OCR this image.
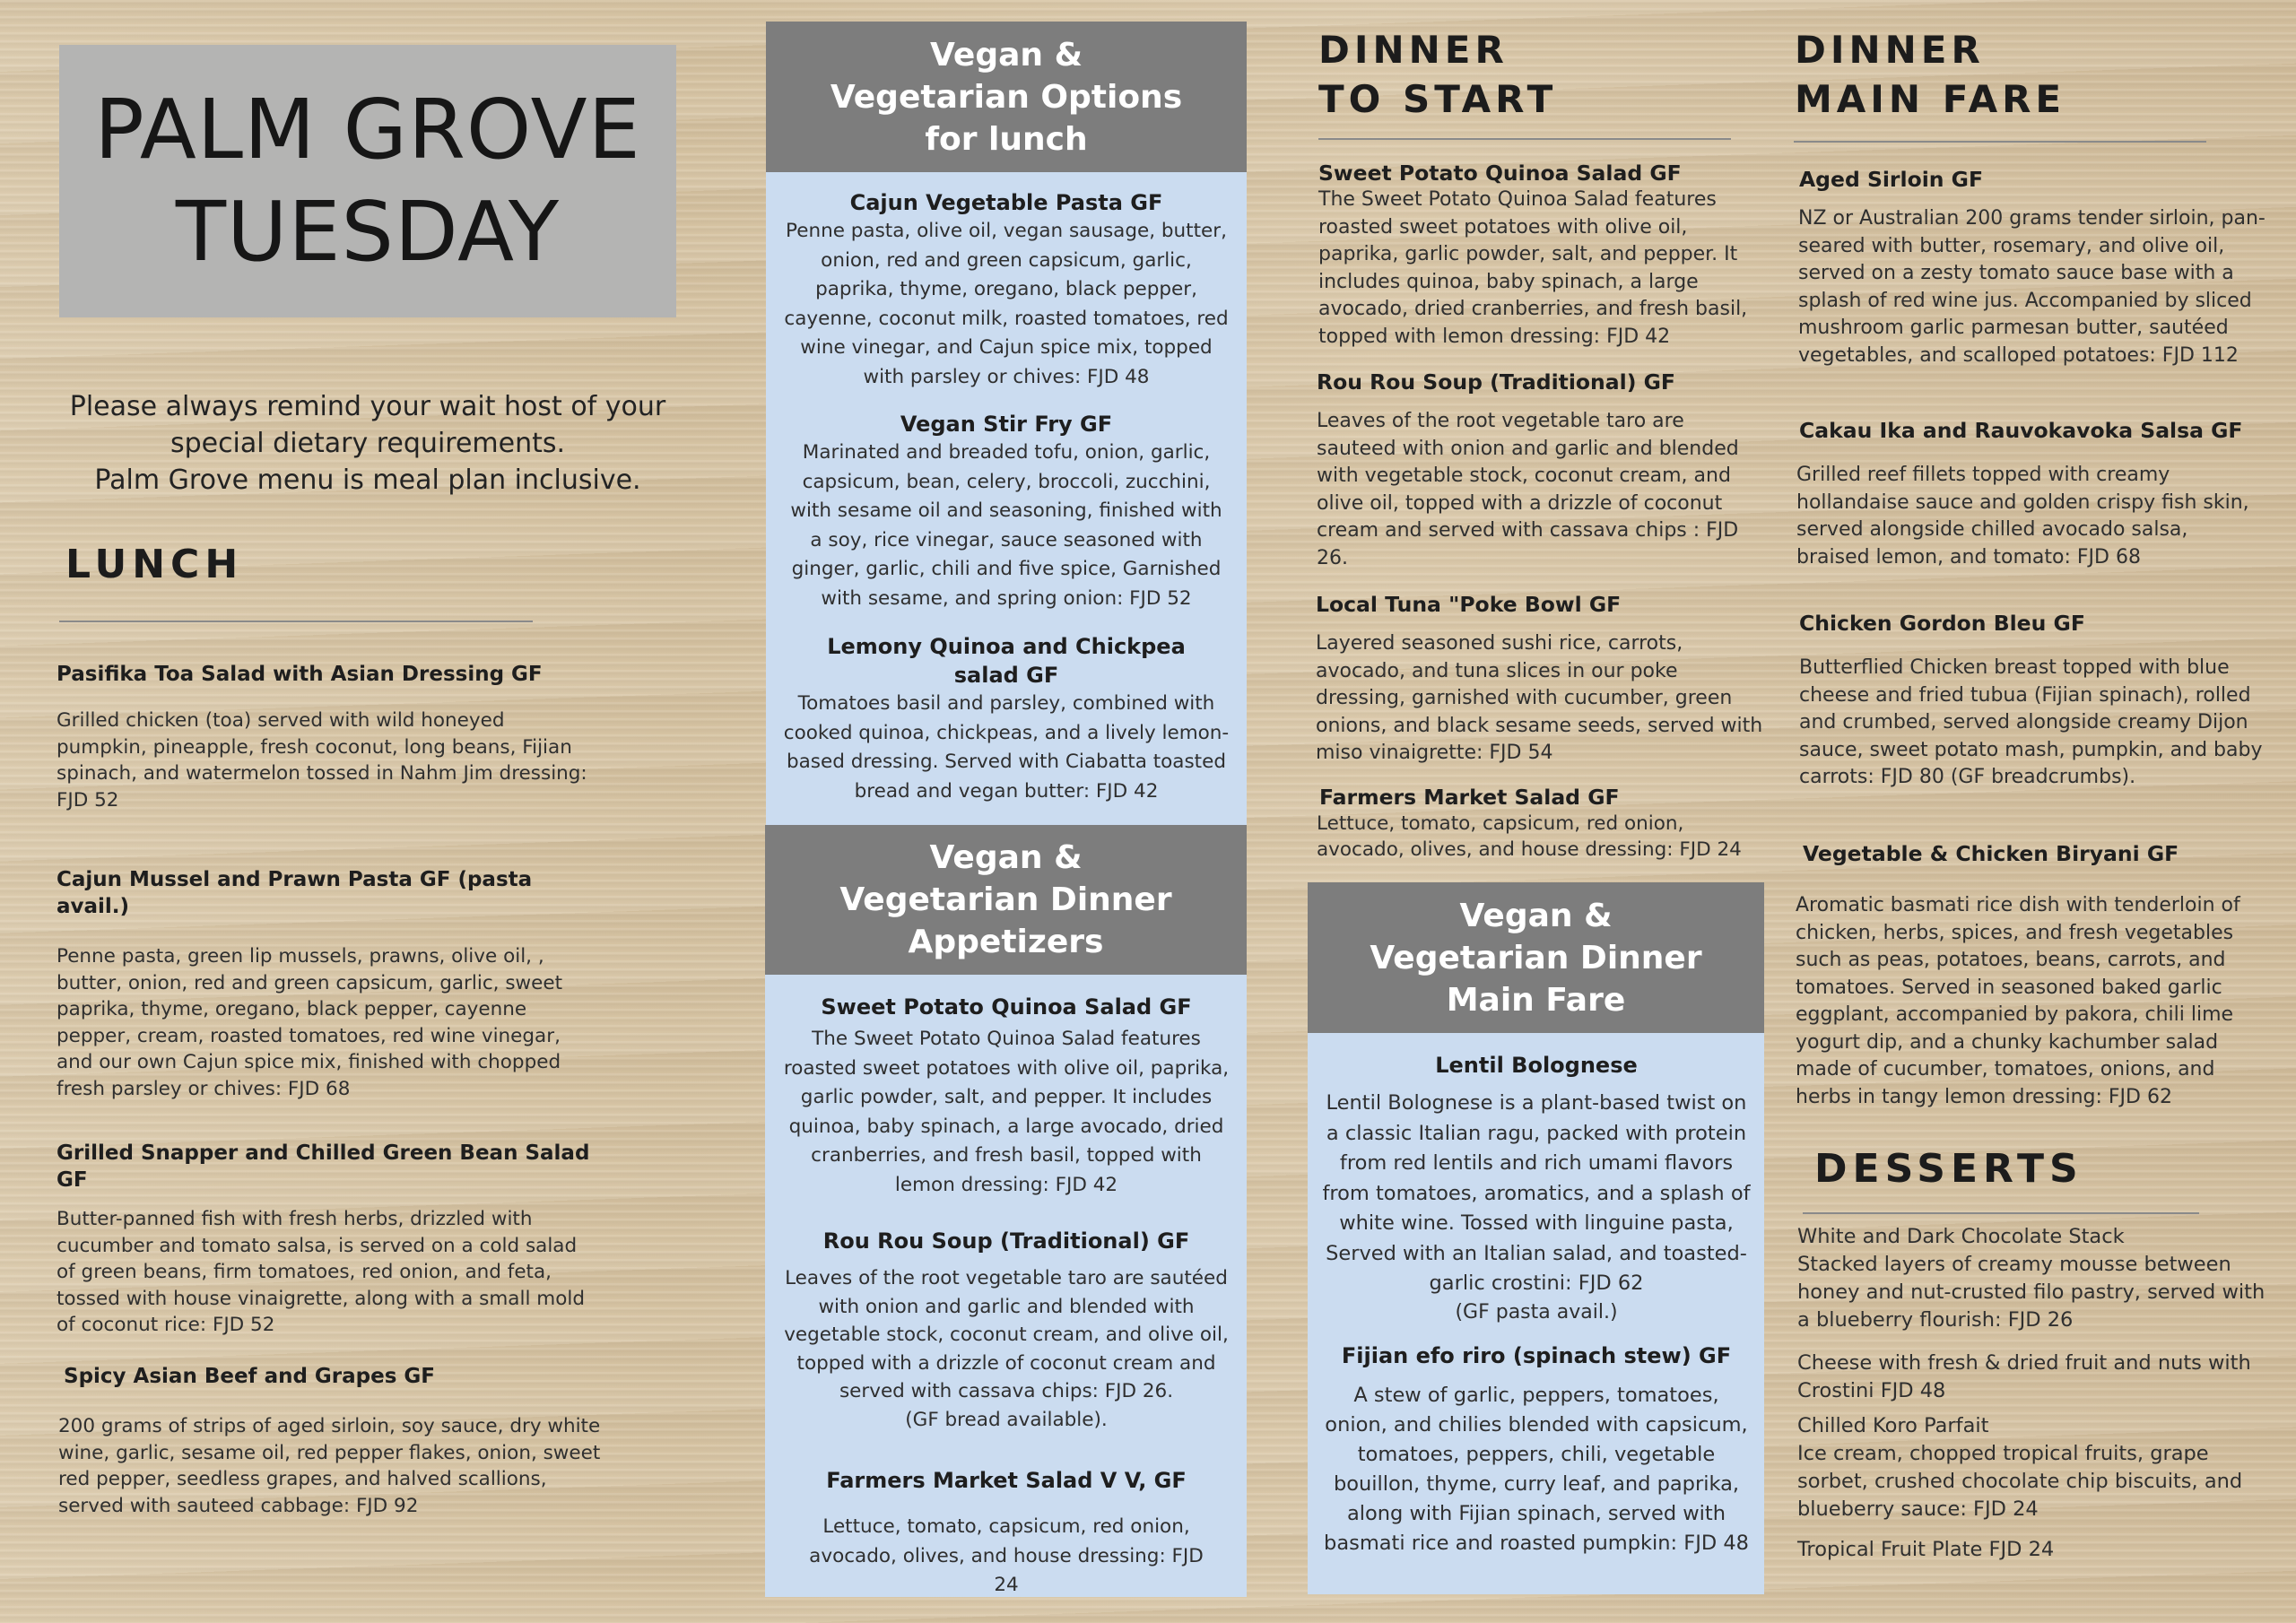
PALM GROVE
TUESDAY
Please always remind your wait host of your
special dietary requirements.
Palm Grove menu is meal plan inclusive.
LUNCH
Pasifika Toa Salad with Asian Dressing GF
Grilled chicken (toa) served with wild honeyed pumpkin, pineapple, fresh coconut, long beans, Fijian spinach, and watermelon tossed in Nahm Jim dressing: FJD 52
Cajun Mussel and Prawn Pasta GF (pasta avail.)
Penne pasta, green lip mussels, prawns, olive oil, , butter, onion, red and green capsicum, garlic, sweet paprika, thyme, oregano, black pepper, cayenne pepper, cream, roasted tomatoes, red wine vinegar, and our own Cajun spice mix, finished with chopped fresh parsley or chives: FJD 68
Grilled Snapper and Chilled Green Bean Salad GF
Butter-panned fish with fresh herbs, drizzled with cucumber and tomato salsa, is served on a cold salad of green beans, firm tomatoes, red onion, and feta, tossed with house vinaigrette, along with a small mold of coconut rice: FJD 52
Spicy Asian Beef and Grapes GF
200 grams of strips of aged sirloin, soy sauce, dry white wine, garlic, sesame oil, red pepper flakes, onion, sweet red pepper, seedless grapes, and halved scallions, served with sauteed cabbage: FJD 92
Vegan & Vegetarian Options for lunch
Cajun Vegetable Pasta GF
Penne pasta, olive oil, vegan sausage, butter, onion, red and green capsicum, garlic, paprika, thyme, oregano, black pepper, cayenne, coconut milk, roasted tomatoes, red wine vinegar, and Cajun spice mix, topped with parsley or chives: FJD 48
Vegan Stir Fry GF
Marinated and breaded tofu, onion, garlic, capsicum, bean, celery, broccoli, zucchini, with sesame oil and seasoning, finished with a soy, rice vinegar, sauce seasoned with ginger, garlic, chili and five spice, Garnished with sesame, and spring onion: FJD 52
Lemony Quinoa and Chickpea salad GF
Tomatoes basil and parsley, combined with cooked quinoa, chickpeas, and a lively lemon-based dressing. Served with Ciabatta toasted bread and vegan butter: FJD 42
Vegan & Vegetarian Dinner Appetizers
Sweet Potato Quinoa Salad GF
The Sweet Potato Quinoa Salad features roasted sweet potatoes with olive oil, paprika, garlic powder, salt, and pepper. It includes quinoa, baby spinach, a large avocado, dried cranberries, and fresh basil, topped with lemon dressing: FJD 42
Rou Rou Soup (Traditional) GF
Leaves of the root vegetable taro are sautéed with onion and garlic and blended with vegetable stock, coconut cream, and olive oil, topped with a drizzle of coconut cream and served with cassava chips: FJD 26.
(GF bread available).
Farmers Market Salad V V, GF
Lettuce, tomato, capsicum, red onion, avocado, olives, and house dressing: FJD 24
DINNER
TO START
Sweet Potato Quinoa Salad GF
The Sweet Potato Quinoa Salad features roasted sweet potatoes with olive oil, paprika, garlic powder, salt, and pepper. It includes quinoa, baby spinach, a large avocado, dried cranberries, and fresh basil, topped with lemon dressing: FJD 42
Rou Rou Soup (Traditional) GF
Leaves of the root vegetable taro are sauteed with onion and garlic and blended with vegetable stock, coconut cream, and olive oil, topped with a drizzle of coconut cream and served with cassava chips : FJD 26.
Local Tuna "Poke Bowl GF
Layered seasoned sushi rice, carrots, avocado, and tuna slices in our poke dressing, garnished with cucumber, green onions, and black sesame seeds, served with miso vinaigrette: FJD 54
Farmers Market Salad GF
Lettuce, tomato, capsicum, red onion, avocado, olives, and house dressing: FJD 24
Vegan & Vegetarian Dinner Main Fare
Lentil Bolognese
Lentil Bolognese is a plant-based twist on a classic Italian ragu, packed with protein from red lentils and rich umami flavors from tomatoes, aromatics, and a splash of white wine. Tossed with linguine pasta, Served with an Italian salad, and toasted-garlic crostini: FJD 62
(GF pasta avail.)
Fijian efo riro (spinach stew) GF
A stew of garlic, peppers, tomatoes, onion, and chilies blended with capsicum, tomatoes, peppers, chili, vegetable bouillon, thyme, curry leaf, and paprika, along with Fijian spinach, served with basmati rice and roasted pumpkin: FJD 48
DINNER
MAIN FARE
Aged Sirloin GF
NZ or Australian 200 grams tender sirloin, pan-seared with butter, rosemary, and olive oil, served on a zesty tomato sauce base with a splash of red wine jus. Accompanied by sliced mushroom garlic parmesan butter, sautéed vegetables, and scalloped potatoes: FJD 112
Cakau Ika and Rauvokavoka Salsa GF
Grilled reef fillets topped with creamy hollandaise sauce and golden crispy fish skin, served alongside chilled avocado salsa, braised lemon, and tomato: FJD 68
Chicken Gordon Bleu GF
Butterflied Chicken breast topped with blue cheese and fried tubua (Fijian spinach), rolled and crumbed, served alongside creamy Dijon sauce, sweet potato mash, pumpkin, and baby carrots: FJD 80 (GF breadcrumbs).
Vegetable & Chicken Biryani GF
Aromatic basmati rice dish with tenderloin of chicken, herbs, spices, and fresh vegetables such as peas, potatoes, beans, carrots, and tomatoes. Served in seasoned baked garlic eggplant, accompanied by pakora, chili lime yogurt dip, and a chunky kachumber salad made of cucumber, tomatoes, onions, and herbs in tangy lemon dressing: FJD 62
DESSERTS
White and Dark Chocolate Stack
Stacked layers of creamy mousse between honey and nut-crusted filo pastry, served with a blueberry flourish: FJD 26
Cheese with fresh & dried fruit and nuts with Crostini FJD 48
Chilled Koro Parfait
Ice cream, chopped tropical fruits, grape sorbet, crushed chocolate chip biscuits, and blueberry sauce: FJD 24
Tropical Fruit Plate FJD 24
